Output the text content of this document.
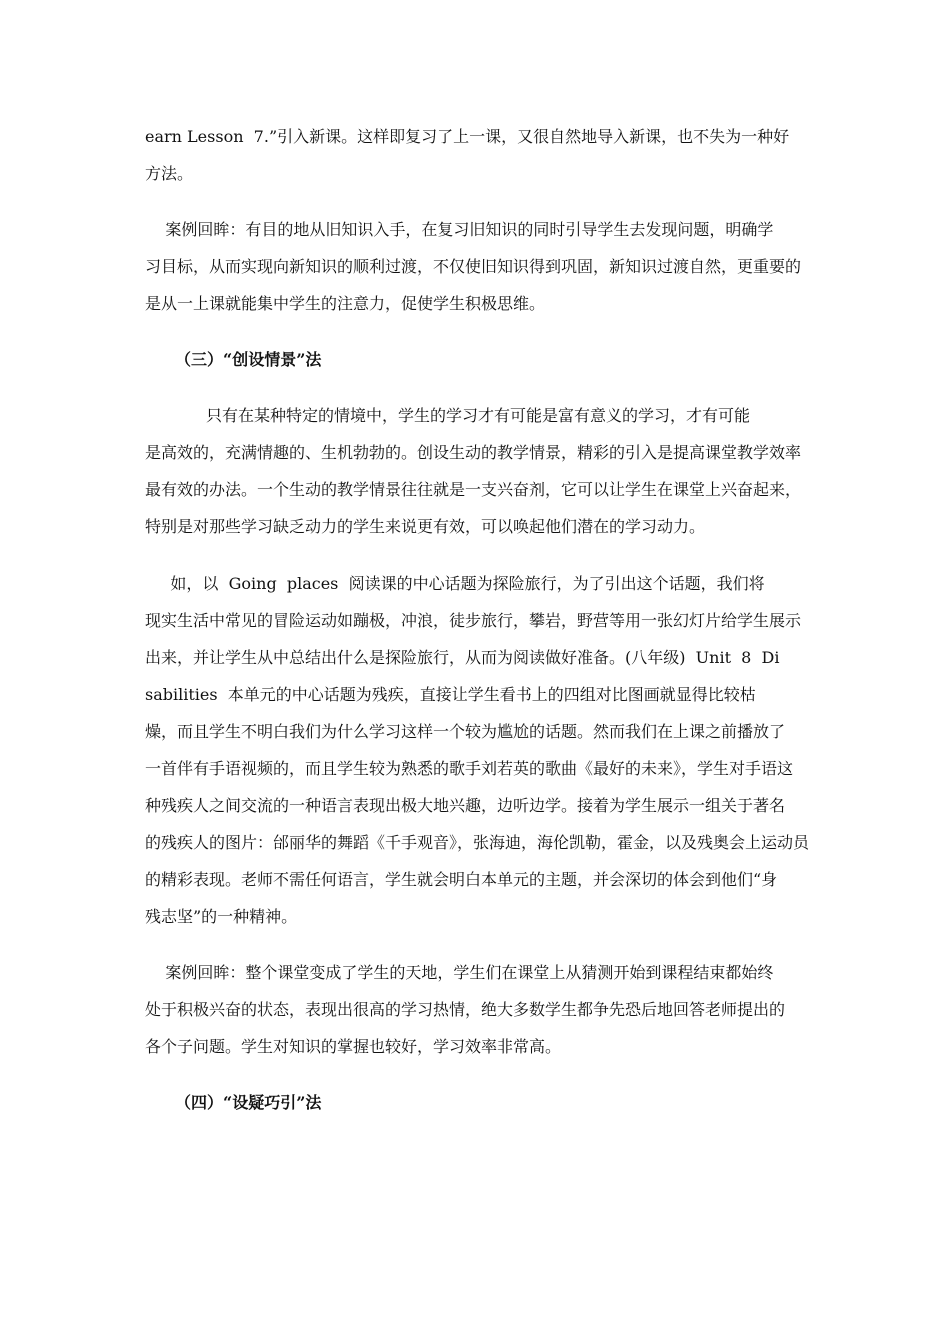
earn Lesson  7.”引入新课。这样即复习了上一课，又很自然地导入新课，也不失为一种好
方法。
案例回眸：有目的地从旧知识入手，在复习旧知识的同时引导学生去发现问题，明确学
习目标，从而实现向新知识的顺利过渡，不仅使旧知识得到巩固，新知识过渡自然，更重要的
是从一上课就能集中学生的注意力，促使学生积极思维。
（三）“创设情景”法
只有在某种特定的情境中，学生的学习才有可能是富有意义的学习，才有可能
是高效的，充满情趣的、生机勃勃的。创设生动的教学情景，精彩的引入是提高课堂教学效率
最有效的办法。一个生动的教学情景往往就是一支兴奋剂，它可以让学生在课堂上兴奋起来，
特别是对那些学习缺乏动力的学生来说更有效，可以唤起他们潜在的学习动力。
如，以  Going  places  阅读课的中心话题为探险旅行，为了引出这个话题，我们将
现实生活中常见的冒险运动如蹦极，冲浪，徒步旅行，攀岩，野营等用一张幻灯片给学生展示
出来，并让学生从中总结出什么是探险旅行，从而为阅读做好准备。(八年级)  Unit  8  Di
sabilities  本单元的中心话题为残疾，直接让学生看书上的四组对比图画就显得比较枯
燥，而且学生不明白我们为什么学习这样一个较为尴尬的话题。然而我们在上课之前播放了
一首伴有手语视频的，而且学生较为熟悉的歌手刘若英的歌曲《最好的未来》，学生对手语这
种残疾人之间交流的一种语言表现出极大地兴趣，边听边学。接着为学生展示一组关于著名
的残疾人的图片：邰丽华的舞蹈《千手观音》，张海迪，海伦凯勒，霍金，以及残奥会上运动员
的精彩表现。老师不需任何语言，学生就会明白本单元的主题，并会深切的体会到他们“身
残志坚”的一种精神。
案例回眸：整个课堂变成了学生的天地，学生们在课堂上从猜测开始到课程结束都始终
处于积极兴奋的状态，表现出很高的学习热情，绝大多数学生都争先恐后地回答老师提出的
各个子问题。学生对知识的掌握也较好，学习效率非常高。
（四）“设疑巧引”法
